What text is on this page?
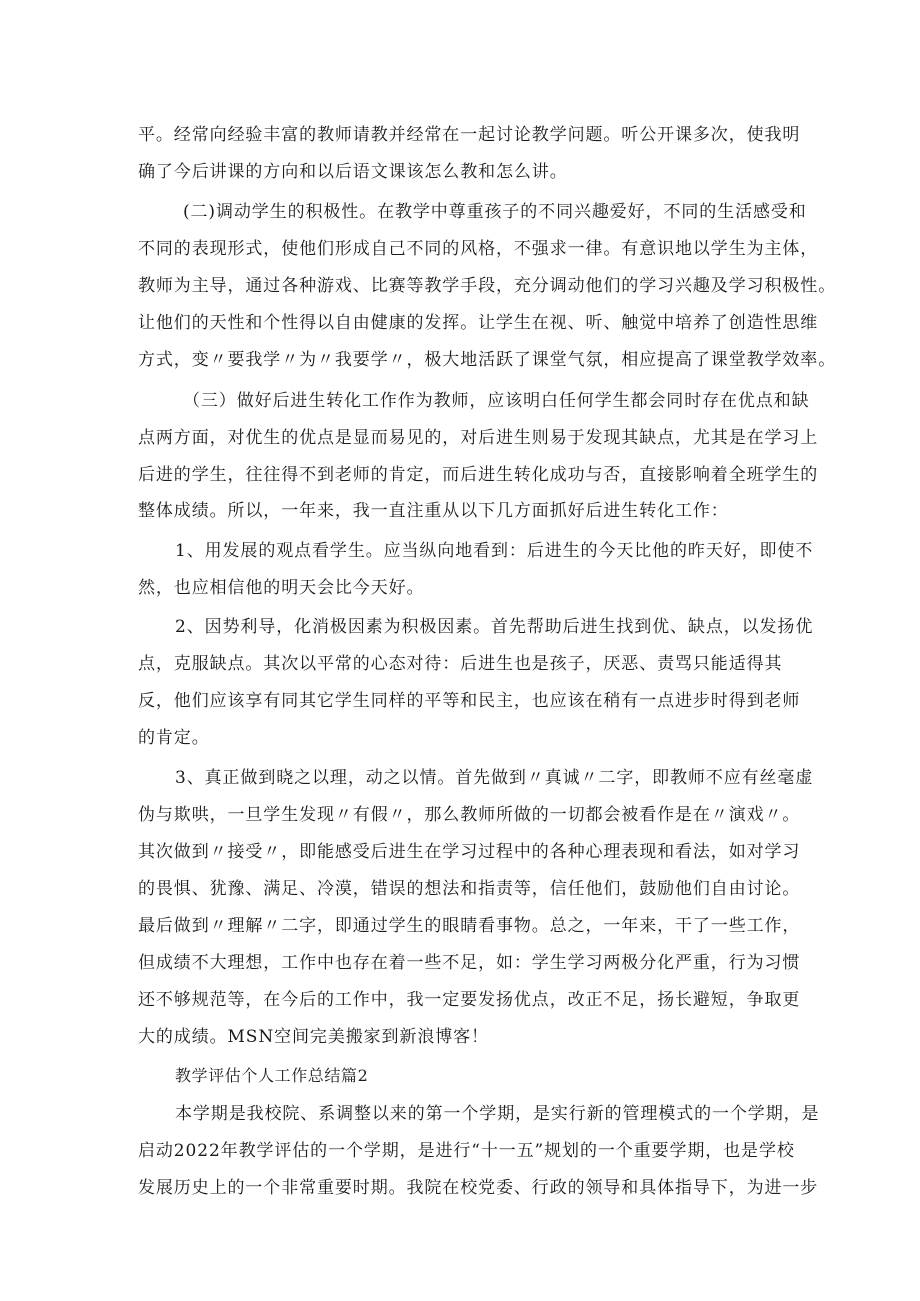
平。经常向经验丰富的教师请教并经常在一起讨论教学问题。听公开课多次，使我明
确了今后讲课的方向和以后语文课该怎么教和怎么讲。
(二)调动学生的积极性。在教学中尊重孩子的不同兴趣爱好，不同的生活感受和
不同的表现形式，使他们形成自己不同的风格，不强求一律。有意识地以学生为主体，
教师为主导，通过各种游戏、比赛等教学手段，充分调动他们的学习兴趣及学习积极性。
让他们的天性和个性得以自由健康的发挥。让学生在视、听、触觉中培养了创造性思维
方式，变〃要我学〃为〃我要学〃，极大地活跃了课堂气氛，相应提高了课堂教学效率。
（三）做好后进生转化工作作为教师，应该明白任何学生都会同时存在优点和缺
点两方面，对优生的优点是显而易见的，对后进生则易于发现其缺点，尤其是在学习上
后进的学生，往往得不到老师的肯定，而后进生转化成功与否，直接影响着全班学生的
整体成绩。所以，一年来，我一直注重从以下几方面抓好后进生转化工作：
1、用发展的观点看学生。应当纵向地看到：后进生的今天比他的昨天好，即使不
然，也应相信他的明天会比今天好。
2、因势利导，化消极因素为积极因素。首先帮助后进生找到优、缺点，以发扬优
点，克服缺点。其次以平常的心态对待：后进生也是孩子，厌恶、责骂只能适得其
反，他们应该享有同其它学生同样的平等和民主，也应该在稍有一点进步时得到老师
的肯定。
3、真正做到晓之以理，动之以情。首先做到〃真诚〃二字，即教师不应有丝毫虚
伪与欺哄，一旦学生发现〃有假〃，那么教师所做的一切都会被看作是在〃演戏〃。
其次做到〃接受〃，即能感受后进生在学习过程中的各种心理表现和看法，如对学习
的畏惧、犹豫、满足、冷漠，错误的想法和指责等，信任他们，鼓励他们自由讨论。
最后做到〃理解〃二字，即通过学生的眼睛看事物。总之，一年来，干了一些工作，
但成绩不大理想，工作中也存在着一些不足，如：学生学习两极分化严重，行为习惯
还不够规范等，在今后的工作中，我一定要发扬优点，改正不足，扬长避短，争取更
大的成绩。MSN空间完美搬家到新浪博客！
教学评估个人工作总结篇2
本学期是我校院、系调整以来的第一个学期，是实行新的管理模式的一个学期，是
启动2022年教学评估的一个学期，是进行“十一五”规划的一个重要学期，也是学校
发展历史上的一个非常重要时期。我院在校党委、行政的领导和具体指导下，为进一步
